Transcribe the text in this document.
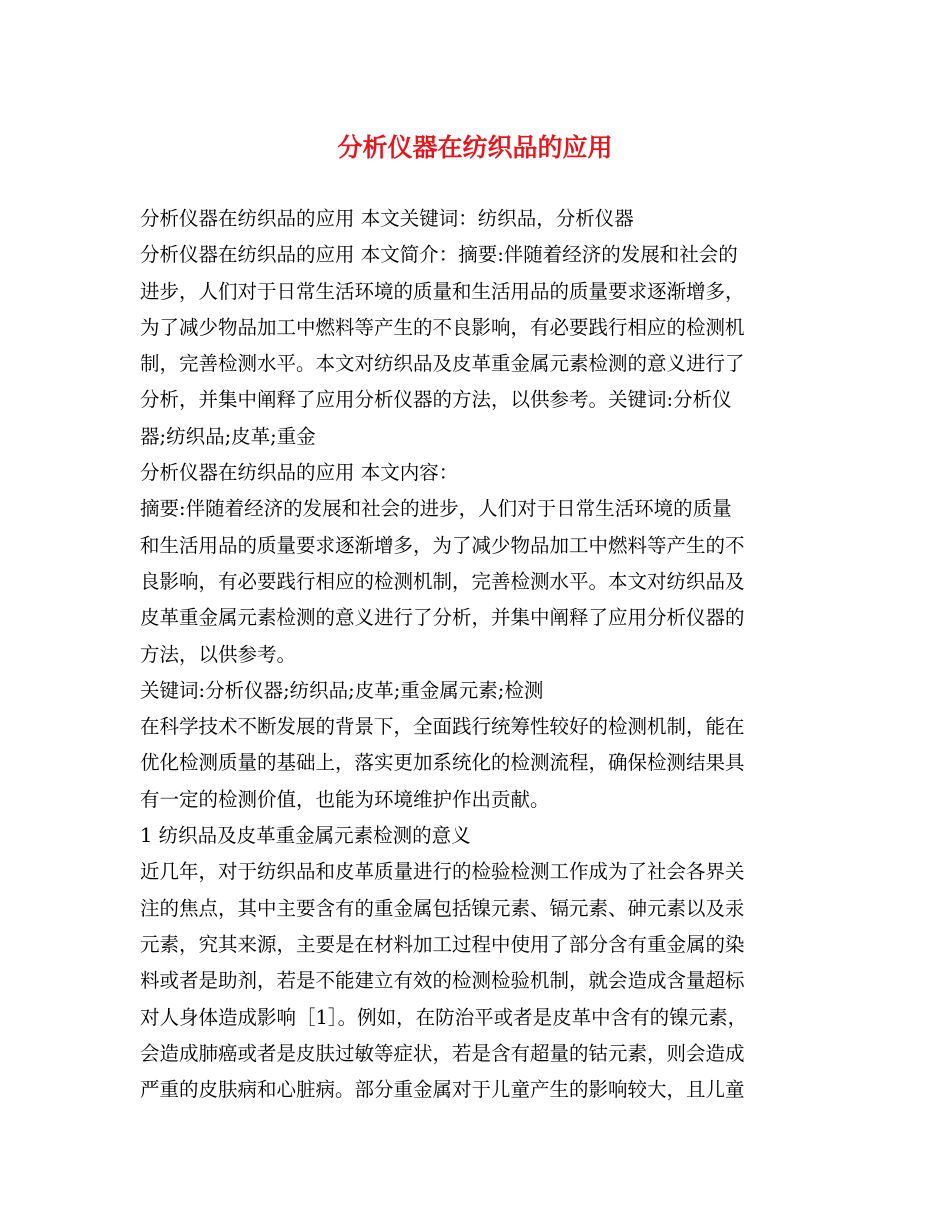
分析仪器在纺织品的应用

分析仪器在纺织品的应用 本文关键词：纺织品，分析仪器

分析仪器在纺织品的应用 本文简介：摘要:伴随着经济的发展和社会的

进步，人们对于日常生活环境的质量和生活用品的质量要求逐渐增多，

为了减少物品加工中燃料等产生的不良影响，有必要践行相应的检测机

制，完善检测水平。本文对纺织品及皮革重金属元素检测的意义进行了

分析，并集中阐释了应用分析仪器的方法，以供参考。关键词:分析仪

器;纺织品;皮革;重金

分析仪器在纺织品的应用 本文内容：

摘要:伴随着经济的发展和社会的进步，人们对于日常生活环境的质量

和生活用品的质量要求逐渐增多，为了减少物品加工中燃料等产生的不

良影响，有必要践行相应的检测机制，完善检测水平。本文对纺织品及

皮革重金属元素检测的意义进行了分析，并集中阐释了应用分析仪器的

方法，以供参考。

关键词:分析仪器;纺织品;皮革;重金属元素;检测

在科学技术不断发展的背景下，全面践行统筹性较好的检测机制，能在

优化检测质量的基础上，落实更加系统化的检测流程，确保检测结果具

有一定的检测价值，也能为环境维护作出贡献。

1 纺织品及皮革重金属元素检测的意义

近几年，对于纺织品和皮革质量进行的检验检测工作成为了社会各界关

注的焦点，其中主要含有的重金属包括镍元素、镉元素、砷元素以及汞

元素，究其来源，主要是在材料加工过程中使用了部分含有重金属的染

料或者是助剂，若是不能建立有效的检测检验机制，就会造成含量超标

对人身体造成影响［1］。例如，在防治平或者是皮革中含有的镍元素，

会造成肺癌或者是皮肤过敏等症状，若是含有超量的钴元素，则会造成

严重的皮肤病和心脏病。部分重金属对于儿童产生的影响较大，且儿童
